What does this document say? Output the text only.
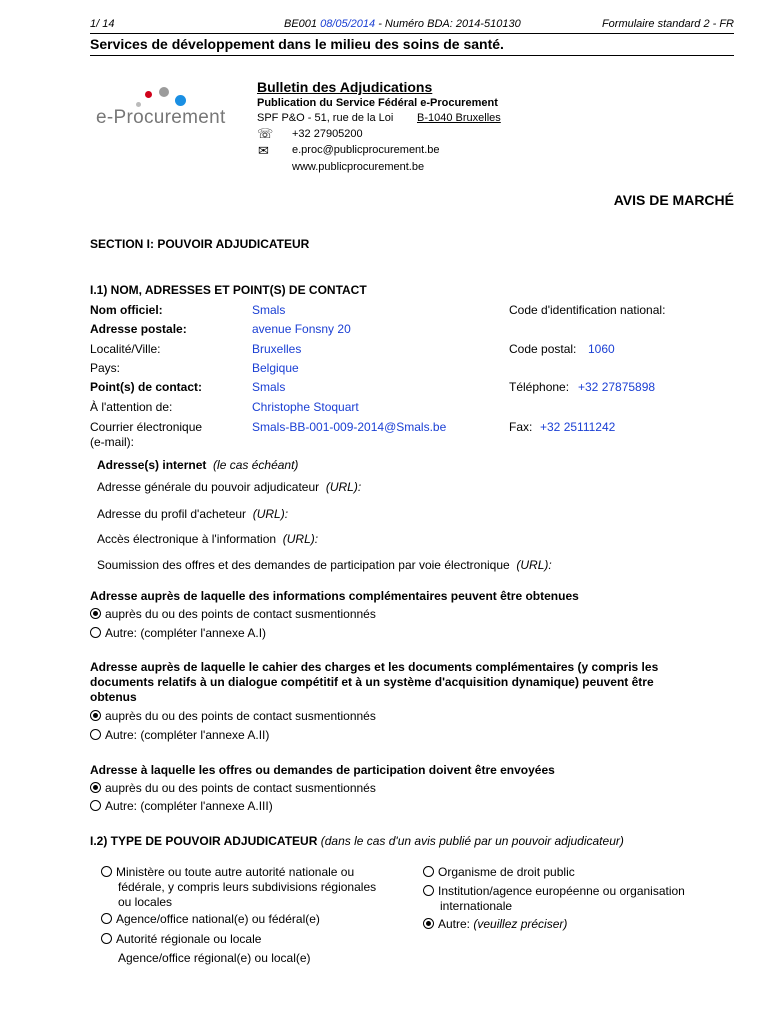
1/ 14	BE001 08/05/2014 - Numéro BDA: 2014-510130	Formulaire standard 2 - FR
Services de développement dans le milieu des soins de santé.
e-Procurement
Bulletin des Adjudications
Publication du Service Fédéral e-Procurement
SPF P&O - 51, rue de la Loi B-1040 Bruxelles
☏ +32 27905200
✉ e.proc@publicprocurement.be
www.publicprocurement.be
AVIS DE MARCHÉ
SECTION I: POUVOIR ADJUDICATEUR
I.1) NOM, ADRESSES ET POINT(S) DE CONTACT
Nom officiel:	Smals	Code d'identification national:
Adresse postale:	avenue Fonsny 20
Localité/Ville:	Bruxelles	Code postal: 1060
Pays:	Belgique
Point(s) de contact:	Smals	Téléphone: +32 27875898
À l'attention de:	Christophe Stoquart
Courrier électronique
(e-mail):
Smals-BB-001-009-2014@Smals.be	Fax: +32 25111242
Adresse(s) internet (le cas échéant)
Adresse générale du pouvoir adjudicateur (URL):
Adresse du profil d'acheteur (URL):
Accès électronique à l'information (URL):
Soumission des offres et des demandes de participation par voie électronique (URL):
Adresse auprès de laquelle des informations complémentaires peuvent être obtenues
auprès du ou des points de contact susmentionnés
Autre: (compléter l'annexe A.I)
Adresse auprès de laquelle le cahier des charges et les documents complémentaires (y compris les
documents relatifs à un dialogue compétitif et à un système d'acquisition dynamique) peuvent être
obtenus
auprès du ou des points de contact susmentionnés
Autre: (compléter l'annexe A.II)
Adresse à laquelle les offres ou demandes de participation doivent être envoyées
auprès du ou des points de contact susmentionnés
Autre: (compléter l'annexe A.III)
I.2) TYPE DE POUVOIR ADJUDICATEUR (dans le cas d'un avis publié par un pouvoir adjudicateur)
Ministère ou toute autre autorité nationale ou
fédérale, y compris leurs subdivisions régionales
ou locales
Agence/office national(e) ou fédéral(e)
Autorité régionale ou locale
Agence/office régional(e) ou local(e)
Organisme de droit public
Institution/agence européenne ou organisation
internationale
Autre: (veuillez préciser)
